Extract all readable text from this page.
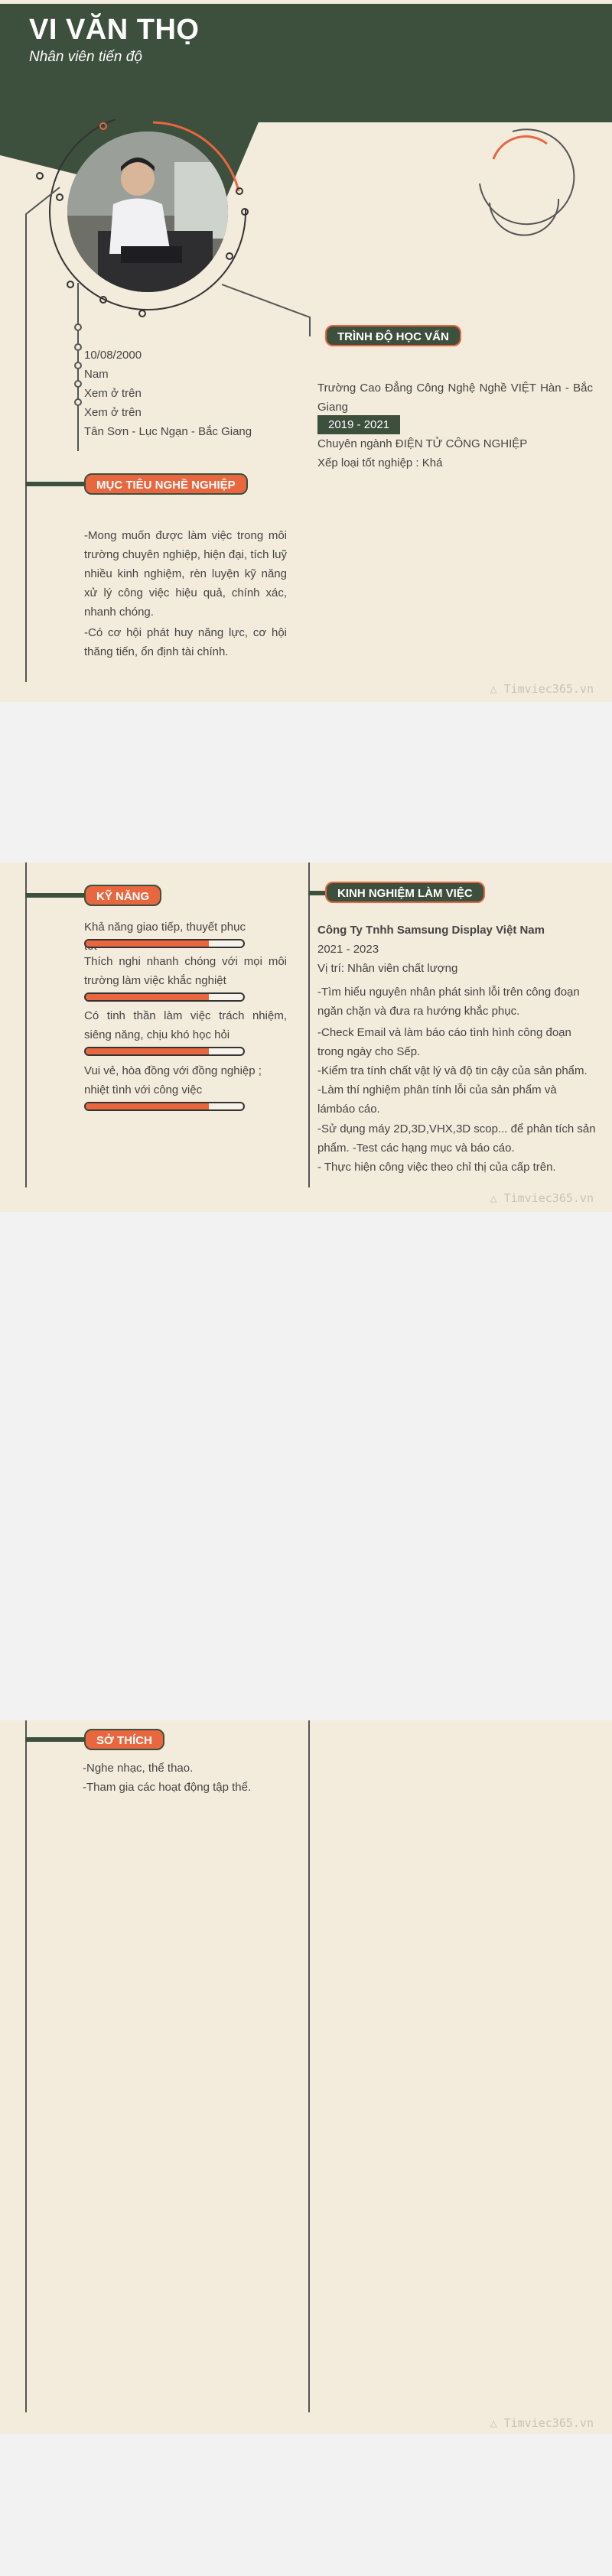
VI VĂN THỌ
Nhân viên tiến độ
10/08/2000
Nam
Xem ở trên
Xem ở trên
Tân Sơn - Lục Ngạn - Bắc Giang
MỤC TIÊU NGHỀ NGHIỆP
-Mong muốn được làm việc trong môi trường chuyên nghiệp, hiện đại, tích luỹ nhiều kinh nghiệm, rèn luyện kỹ năng xử lý công việc hiệu quả, chính xác, nhanh chóng.
-Có cơ hội phát huy năng lực, cơ hội thăng tiến, ổn định tài chính.
TRÌNH ĐỘ HỌC VẤN
Trường Cao Đẳng Công Nghệ Nghề VIỆT Hàn - Bắc Giang
2019 - 2021
Chuyên ngành ĐIỆN TỬ CÔNG NGHIỆP
Xếp loại tốt nghiệp : Khá
△ Timviec365.vn
KỸ NĂNG
Khả năng giao tiếp, thuyết phục
Thích nghi nhanh chóng với mọi môi trường làm việc khắc nghiệt
Có tinh thần làm việc trách nhiệm, siêng năng, chịu khó học hỏi
Vui vẻ, hòa đồng với đồng nghiệp ; nhiệt tình với công việc
KINH NGHIỆM LÀM VIỆC
Công Ty Tnhh Samsung Display Việt Nam
2021 - 2023
Vị trí: Nhân viên chất lượng
-Tìm hiểu nguyên nhân phát sinh lỗi trên công đoạn ngăn chặn và đưa ra hướng khắc phục.
-Check Email và làm báo cáo tình hình công đoạn trong ngày cho Sếp.
-Kiểm tra tính chất vật lý và độ tin cậy của sản phẩm.
-Làm thí nghiệm phân tính lỗi của sản phẩm và lámbáo cáo.
-Sử dụng máy 2D,3D,VHX,3D scop... để phân tích sản phẩm. -Test các hạng mục và báo cáo.
- Thực hiện công việc theo chỉ thị của cấp trên.
△ Timviec365.vn
SỞ THÍCH
-Nghe nhạc, thể thao.
-Tham gia các hoạt động tập thể.
△ Timviec365.vn
